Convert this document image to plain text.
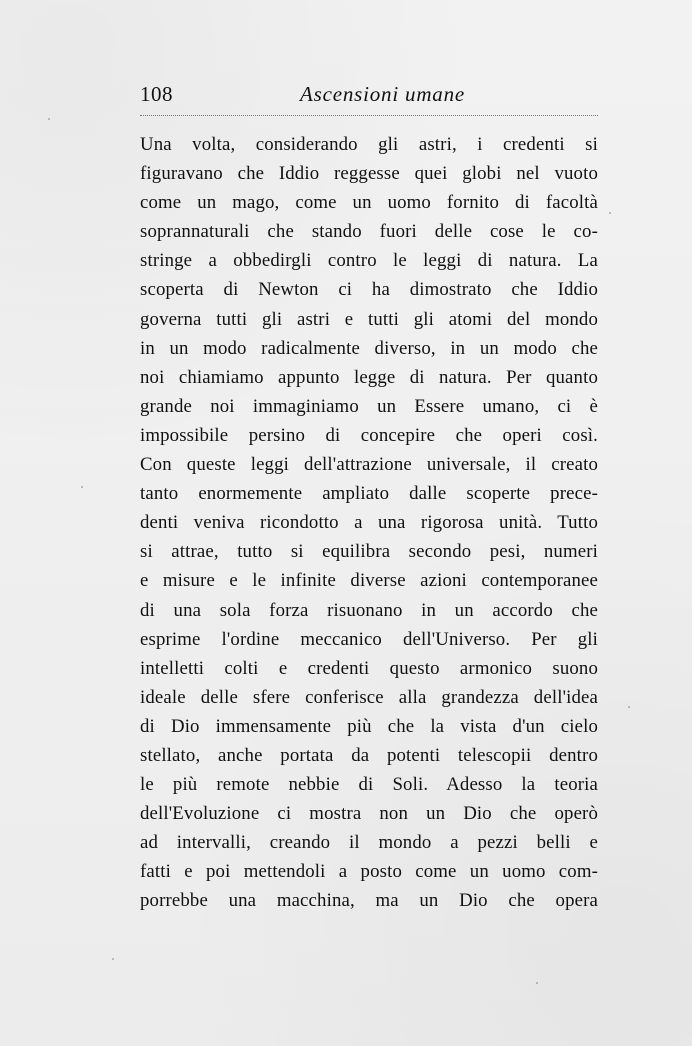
108	Ascensioni umane
Una volta, considerando gli astri, i credenti si
figuravano che Iddio reggesse quei globi nel vuoto
come un mago, come un uomo fornito di facoltà
soprannaturali che stando fuori delle cose le co-
stringe a obbedirgli contro le leggi di natura. La
scoperta di Newton ci ha dimostrato che Iddio
governa tutti gli astri e tutti gli atomi del mondo
in un modo radicalmente diverso, in un modo che
noi chiamiamo appunto legge di natura. Per quanto
grande noi immaginiamo un Essere umano, ci è
impossibile persino di concepire che operi così.
Con queste leggi dell'attrazione universale, il creato
tanto enormemente ampliato dalle scoperte prece-
denti veniva ricondotto a una rigorosa unità. Tutto
si attrae, tutto si equilibra secondo pesi, numeri
e misure e le infinite diverse azioni contemporanee
di una sola forza risuonano in un accordo che
esprime l'ordine meccanico dell'Universo. Per gli
intelletti colti e credenti questo armonico suono
ideale delle sfere conferisce alla grandezza dell'idea
di Dio immensamente più che la vista d'un cielo
stellato, anche portata da potenti telescopii dentro
le più remote nebbie di Soli. Adesso la teoria
dell'Evoluzione ci mostra non un Dio che operò
ad intervalli, creando il mondo a pezzi belli e
fatti e poi mettendoli a posto come un uomo com-
porrebbe una macchina, ma un Dio che opera
